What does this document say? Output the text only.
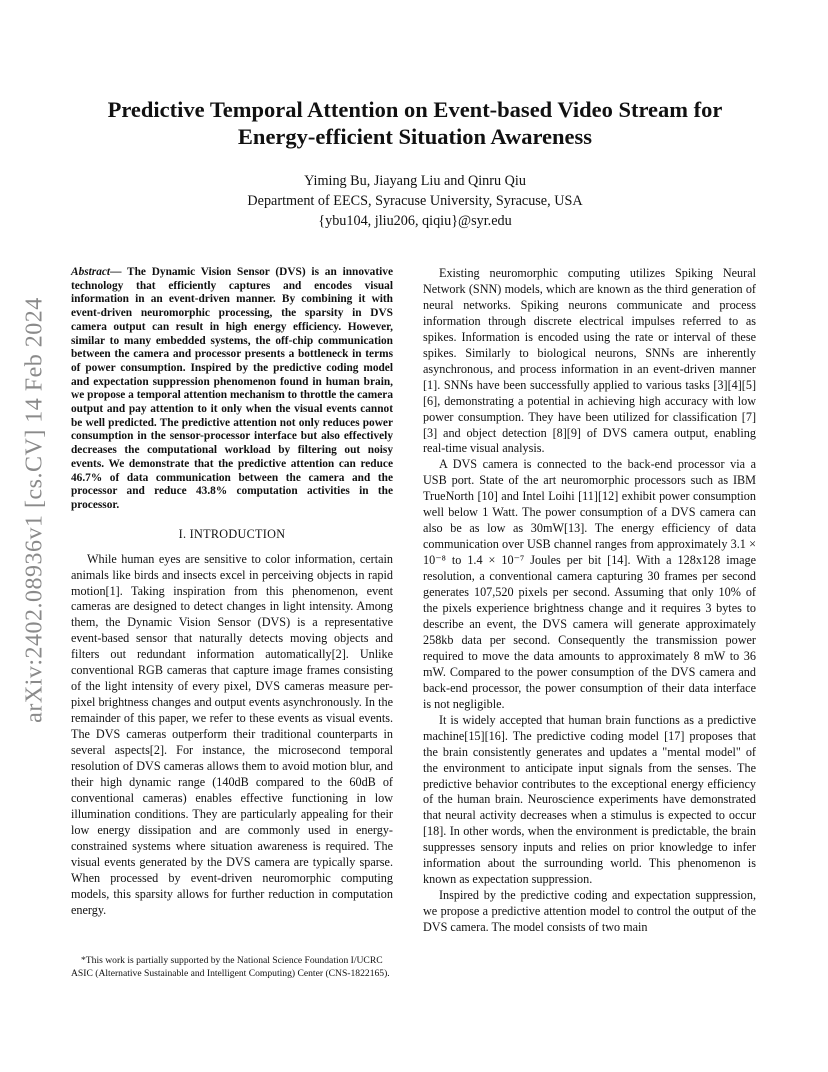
arXiv:2402.08936v1 [cs.CV] 14 Feb 2024
Predictive Temporal Attention on Event-based Video Stream for
Energy-efficient Situation Awareness
Yiming Bu, Jiayang Liu and Qinru Qiu
Department of EECS, Syracuse University, Syracuse, USA
{ybu104, jliu206, qiqiu}@syr.edu
Abstract— The Dynamic Vision Sensor (DVS) is an innovative technology that efficiently captures and encodes visual information in an event-driven manner. By combining it with event-driven neuromorphic processing, the sparsity in DVS camera output can result in high energy efficiency. However, similar to many embedded systems, the off-chip communication between the camera and processor presents a bottleneck in terms of power consumption. Inspired by the predictive coding model and expectation suppression phenomenon found in human brain, we propose a temporal attention mechanism to throttle the camera output and pay attention to it only when the visual events cannot be well predicted. The predictive attention not only reduces power consumption in the sensor-processor interface but also effectively decreases the computational workload by filtering out noisy events. We demonstrate that the predictive attention can reduce 46.7% of data communication between the camera and the processor and reduce 43.8% computation activities in the processor.
I. INTRODUCTION

While human eyes are sensitive to color information, certain animals like birds and insects excel in perceiving objects in rapid motion[1]. Taking inspiration from this phenomenon, event cameras are designed to detect changes in light intensity. Among them, the Dynamic Vision Sensor (DVS) is a representative event-based sensor that naturally detects moving objects and filters out redundant information automatically[2]. Unlike conventional RGB cameras that capture image frames consisting of the light intensity of every pixel, DVS cameras measure per-pixel brightness changes and output events asynchronously. In the remainder of this paper, we refer to these events as visual events. The DVS cameras outperform their traditional counterparts in several aspects[2]. For instance, the microsecond temporal resolution of DVS cameras allows them to avoid motion blur, and their high dynamic range (140dB compared to the 60dB of conventional cameras) enables effective functioning in low illumination conditions. They are particularly appealing for their low energy dissipation and are commonly used in energy-constrained systems where situation awareness is required. The visual events generated by the DVS camera are typically sparse. When processed by event-driven neuromorphic computing models, this sparsity allows for further reduction in computation energy.

*This work is partially supported by the National Science Foundation I/UCRC ASIC (Alternative Sustainable and Intelligent Computing) Center (CNS-1822165).

Existing neuromorphic computing utilizes Spiking Neural Network (SNN) models, which are known as the third generation of neural networks. Spiking neurons communicate and process information through discrete electrical impulses referred to as spikes. Information is encoded using the rate or interval of these spikes. Similarly to biological neurons, SNNs are inherently asynchronous, and process information in an event-driven manner [1]. SNNs have been successfully applied to various tasks [3][4][5][6], demonstrating a potential in achieving high accuracy with low power consumption. They have been utilized for classification [7][3] and object detection [8][9] of DVS camera output, enabling real-time visual analysis.

A DVS camera is connected to the back-end processor via a USB port. State of the art neuromorphic processors such as IBM TrueNorth [10] and Intel Loihi [11][12] exhibit power consumption well below 1 Watt. The power consumption of a DVS camera can also be as low as 30mW[13]. The energy efficiency of data communication over USB channel ranges from approximately 3.1 × 10⁻⁸ to 1.4 × 10⁻⁷ Joules per bit [14]. With a 128x128 image resolution, a conventional camera capturing 30 frames per second generates 107,520 pixels per second. Assuming that only 10% of the pixels experience brightness change and it requires 3 bytes to describe an event, the DVS camera will generate approximately 258kb data per second. Consequently the transmission power required to move the data amounts to approximately 8 mW to 36 mW. Compared to the power consumption of the DVS camera and back-end processor, the power consumption of their data interface is not negligible.

It is widely accepted that human brain functions as a predictive machine[15][16]. The predictive coding model [17] proposes that the brain consistently generates and updates a "mental model" of the environment to anticipate input signals from the senses. The predictive behavior contributes to the exceptional energy efficiency of the human brain. Neuroscience experiments have demonstrated that neural activity decreases when a stimulus is expected to occur [18]. In other words, when the environment is predictable, the brain suppresses sensory inputs and relies on prior knowledge to infer information about the surrounding world. This phenomenon is known as expectation suppression.

Inspired by the predictive coding and expectation suppression, we propose a predictive attention model to control the output of the DVS camera. The model consists of two main
